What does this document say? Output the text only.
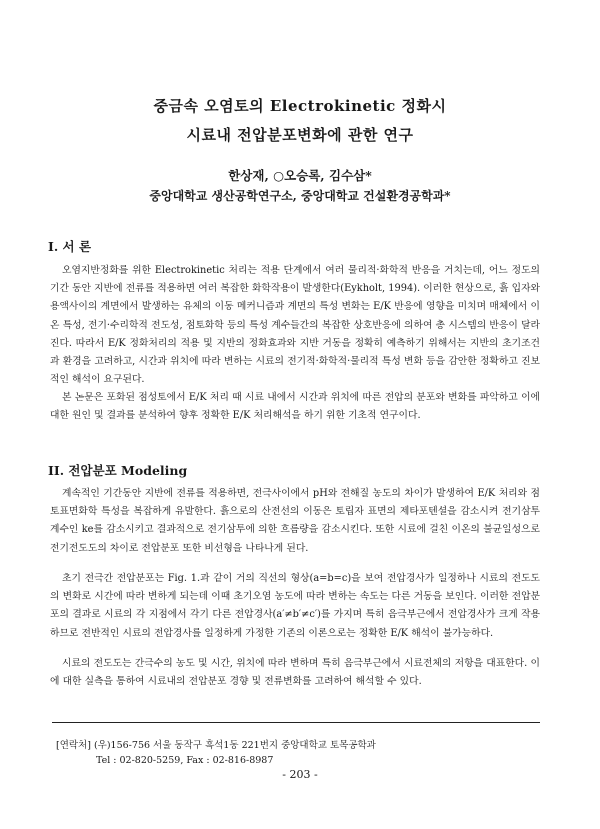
중금속 오염토의 Electrokinetic 정화시
시료내 전압분포변화에 관한 연구
한상재, ○오승록, 김수삼*
중앙대학교 생산공학연구소, 중앙대학교 건설환경공학과*
I. 서 론
오염지반정화를 위한 Electrokinetic 처리는 적용 단계에서 여러 물리적·화학적 반응을 거치는데, 어느 정도의 기간 동안 지반에 전류를 적용하면 여러 복잡한 화학작용이 발생한다(Eykholt, 1994). 이러한 현상으로, 흙 입자와 용액사이의 계면에서 발생하는 유체의 이동 메커니즘과 계면의 특성 변화는 E/K 반응에 영향을 미치며 매체에서 이온 특성, 전기·수리학적 전도성, 점토화학 등의 특성 계수들간의 복잡한 상호반응에 의하여 총 시스템의 반응이 달라진다. 따라서 E/K 정화처리의 적용 및 지반의 정화효과와 지반 거동을 정확히 예측하기 위해서는 지반의 초기조건과 환경을 고려하고, 시간과 위치에 따라 변하는 시료의 전기적·화학적·물리적 특성 변화 등을 감안한 정확하고 진보적인 해석이 요구된다.
본 논문은 포화된 점성토에서 E/K 처리 때 시료 내에서 시간과 위치에 따른 전압의 분포와 변화를 파악하고 이에 대한 원인 및 결과를 분석하여 향후 정확한 E/K 처리해석을 하기 위한 기초적 연구이다.
II. 전압분포 Modeling
계속적인 기간동안 지반에 전류를 적용하면, 전극사이에서 pH와 전해질 농도의 차이가 발생하여 E/K 처리와 점토표면화학 특성을 복잡하게 유발한다. 흙으로의 산전선의 이동은 토립자 표면의 제타포텐셜을 감소시켜 전기삼투계수인 ke를 감소시키고 결과적으로 전기삼투에 의한 흐름량을 감소시킨다. 또한 시료에 걸친 이온의 불균일성으로 전기전도도의 차이로 전압분포 또한 비선형을 나타나게 된다.
초기 전극간 전압분포는 Fig. 1.과 같이 거의 직선의 형상(a=b=c)을 보여 전압경사가 일정하나 시료의 전도도의 변화로 시간에 따라 변하게 되는데 이때 초기오염 농도에 따라 변하는 속도는 다른 거동을 보인다. 이러한 전압분포의 결과로 시료의 각 지점에서 각기 다른 전압경사(a′≠b′≠c′)를 가지며 특히 음극부근에서 전압경사가 크게 작용하므로 전반적인 시료의 전압경사를 일정하게 가정한 기존의 이론으로는 정확한 E/K 해석이 불가능하다.
시료의 전도도는 간극수의 농도 및 시간, 위치에 따라 변하며 특히 음극부근에서 시료전체의 저항을 대표한다. 이에 대한 실측을 통하여 시료내의 전압분포 경향 및 전류변화를 고려하여 해석할 수 있다.
[연락처] (우)156-756 서울 동작구 흑석1동 221번지 중앙대학교 토목공학과
Tel : 02-820-5259, Fax : 02-816-8987
- 203 -
